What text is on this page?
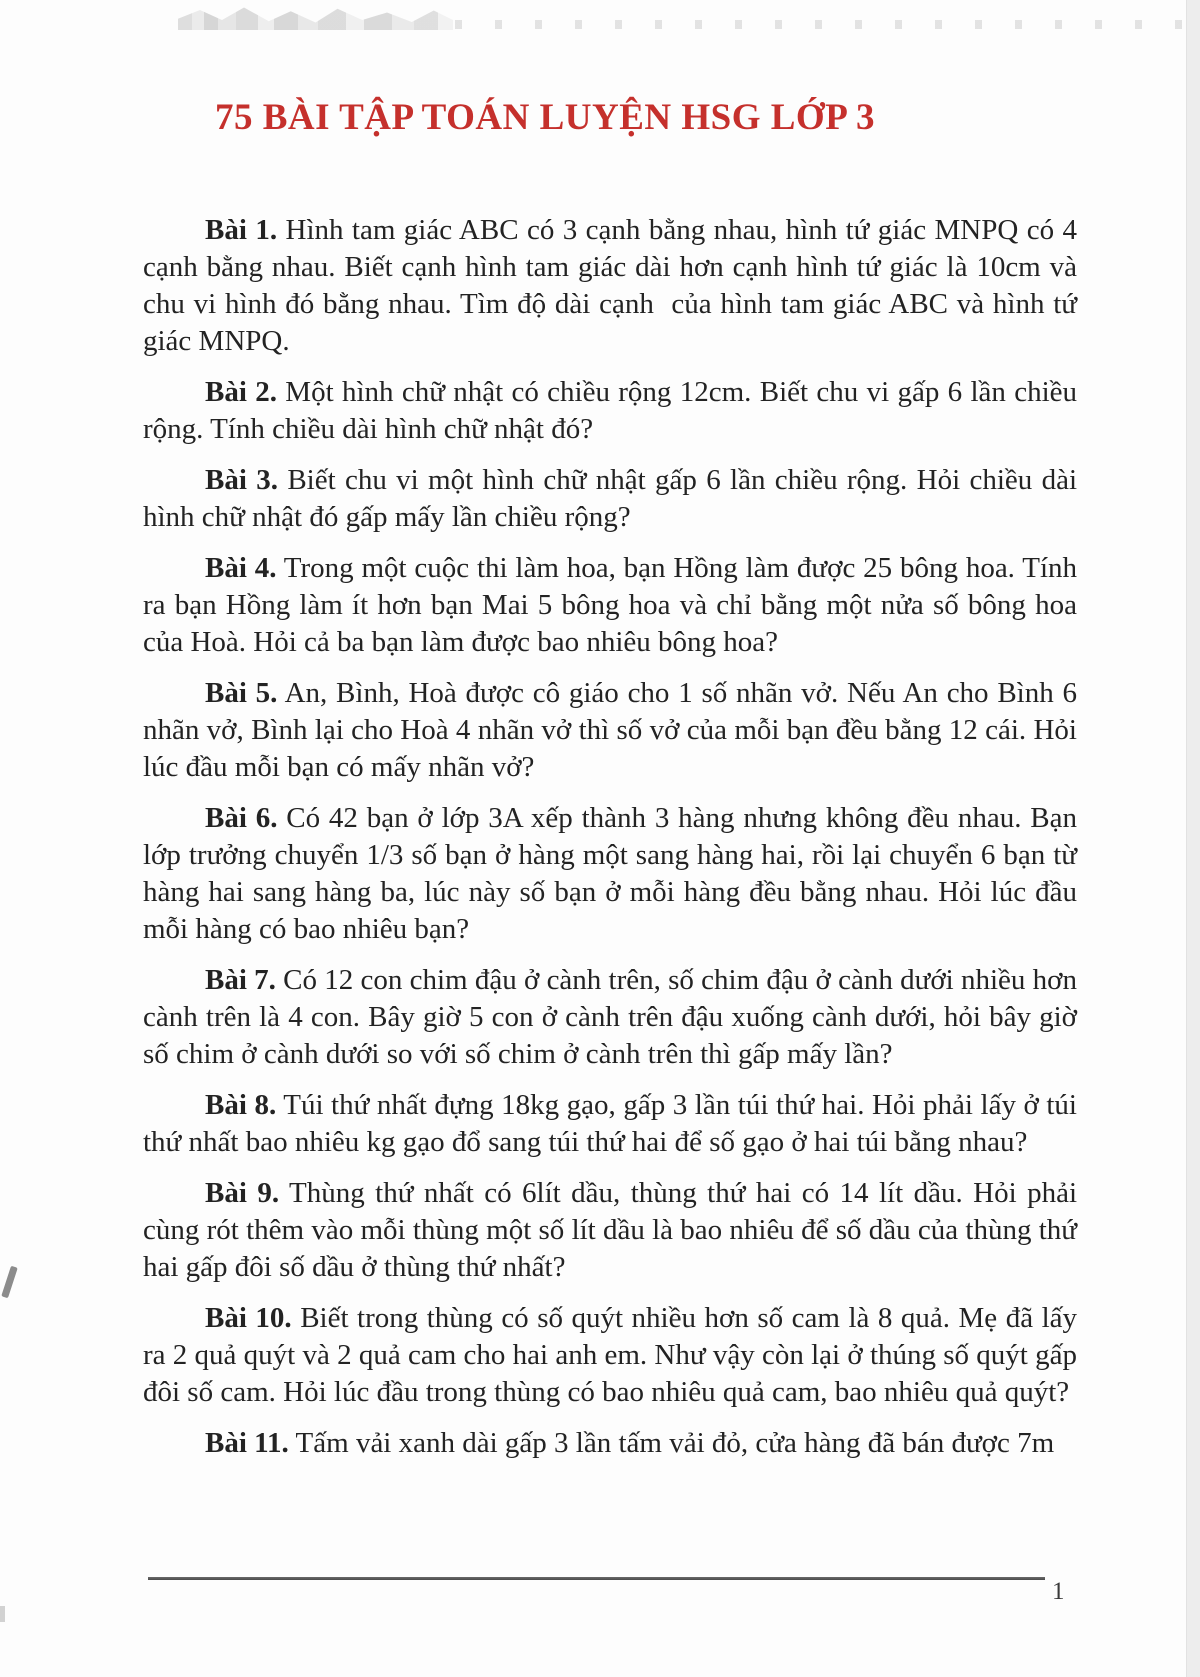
75 BÀI TẬP TOÁN LUYỆN HSG LỚP 3

Bài 1. Hình tam giác ABC có 3 cạnh bằng nhau, hình tứ giác MNPQ có 4 cạnh bằng nhau. Biết cạnh hình tam giác dài hơn cạnh hình tứ giác là 10cm và chu vi hình đó bằng nhau. Tìm độ dài cạnh  của hình tam giác ABC và hình tứ giác MNPQ.

Bài 2. Một hình chữ nhật có chiều rộng 12cm. Biết chu vi gấp 6 lần chiều rộng. Tính chiều dài hình chữ nhật đó?

Bài 3. Biết chu vi một hình chữ nhật gấp 6 lần chiều rộng. Hỏi chiều dài hình chữ nhật đó gấp mấy lần chiều rộng?

Bài 4. Trong một cuộc thi làm hoa, bạn Hồng làm được 25 bông hoa. Tính ra bạn Hồng làm ít hơn bạn Mai 5 bông hoa và chỉ bằng một nửa số bông hoa của Hoà. Hỏi cả ba bạn làm được bao nhiêu bông hoa?

Bài 5. An, Bình, Hoà được cô giáo cho 1 số nhãn vở. Nếu An cho Bình 6 nhãn vở, Bình lại cho Hoà 4 nhãn vở thì số vở của mỗi bạn đều bằng 12 cái. Hỏi lúc đầu mỗi bạn có mấy nhãn vở?

Bài 6. Có 42 bạn ở lớp 3A xếp thành 3 hàng nhưng không đều nhau. Bạn lớp trưởng chuyển 1/3 số bạn ở hàng một sang hàng hai, rồi lại chuyển 6 bạn từ hàng hai sang hàng ba, lúc này số bạn ở mỗi hàng đều bằng nhau. Hỏi lúc đầu mỗi hàng có bao nhiêu bạn?

Bài 7. Có 12 con chim đậu ở cành trên, số chim đậu ở cành dưới nhiều hơn cành trên là 4 con. Bây giờ 5 con ở cành trên đậu xuống cành dưới, hỏi bây giờ số chim ở cành dưới so với số chim ở cành trên thì gấp mấy lần?

Bài 8. Túi thứ nhất đựng 18kg gạo, gấp 3 lần túi thứ hai. Hỏi phải lấy ở túi thứ nhất bao nhiêu kg gạo đổ sang túi thứ hai để số gạo ở hai túi bằng nhau?

Bài 9. Thùng thứ nhất có 6lít dầu, thùng thứ hai có 14 lít dầu. Hỏi phải cùng rót thêm vào mỗi thùng một số lít dầu là bao nhiêu để số dầu của thùng thứ hai gấp đôi số dầu ở thùng thứ nhất?

Bài 10. Biết trong thùng có số quýt nhiều hơn số cam là 8 quả. Mẹ đã lấy ra 2 quả quýt và 2 quả cam cho hai anh em. Như vậy còn lại ở thúng số quýt gấp đôi số cam. Hỏi lúc đầu trong thùng có bao nhiêu quả cam, bao nhiêu quả quýt?

Bài 11. Tấm vải xanh dài gấp 3 lần tấm vải đỏ, cửa hàng đã bán được 7m

1
